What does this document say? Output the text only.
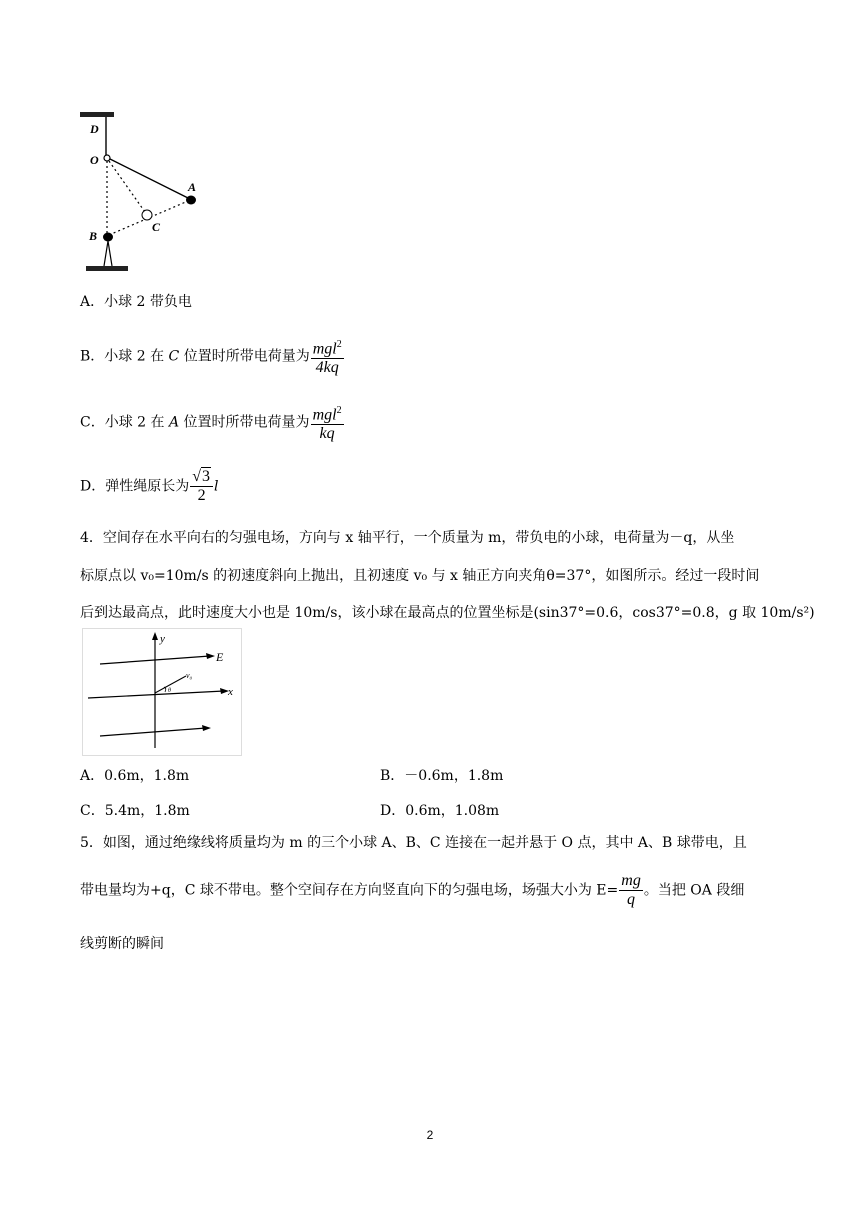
D
O
A
B
C
A．小球 2 带负电
B．小球 2 在 C 位置时所带电荷量为 $\frac{mgl^2}{4kq}$
C．小球 2 在 A 位置时所带电荷量为 $\frac{mgl^2}{kq}$
D．弹性绳原长为 $\frac{√3}{2}$ l
4．空间存在水平向右的匀强电场，方向与 x 轴平行，一个质量为 m，带负电的小球，电荷量为－q，从坐
标原点以 v₀=10m/s 的初速度斜向上抛出，且初速度 v₀ 与 x 轴正方向夹角θ=37°，如图所示。经过一段时间
后到达最高点，此时速度大小也是 10m/s，该小球在最高点的位置坐标是(sin37°=0.6，cos37°=0.8，g 取 10m/s²)
y
E
x
v₀
θ
A．0.6m，1.8m	B．－0.6m，1.8m
C．5.4m，1.8m	D．0.6m，1.08m
5．如图，通过绝缘线将质量均为 m 的三个小球 A、B、C 连接在一起并悬于 O 点，其中 A、B 球带电，且
带电量均为+q，C 球不带电。整个空间存在方向竖直向下的匀强电场，场强大小为 $E= \frac{mg}{q}$ 。当把 OA 段细
线剪断的瞬间
2
